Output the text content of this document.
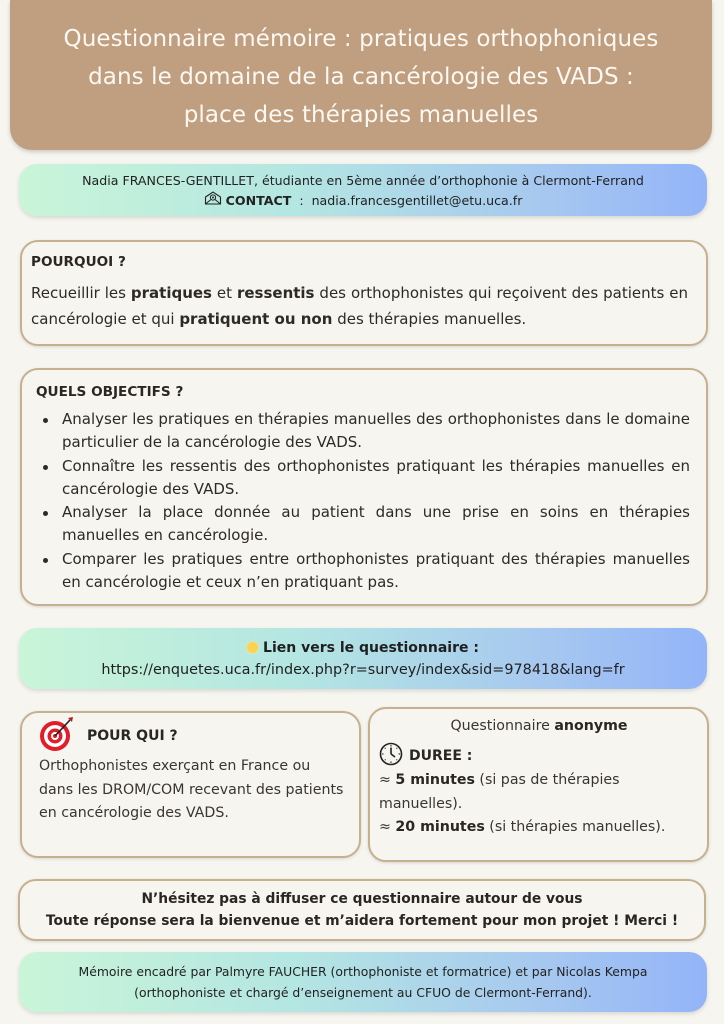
Questionnaire mémoire : pratiques orthophoniques
dans le domaine de la cancérologie des VADS :
place des thérapies manuelles
Nadia FRANCES-GENTILLET, étudiante en 5ème année d’orthophonie à Clermont-Ferrand
CONTACT : nadia.francesgentillet@etu.uca.fr
POURQUOI ?
Recueillir les pratiques et ressentis des orthophonistes qui reçoivent des patients en cancérologie et qui pratiquent ou non des thérapies manuelles.
QUELS OBJECTIFS ?
Analyser les pratiques en thérapies manuelles des orthophonistes dans le domaine particulier de la cancérologie des VADS.
Connaître les ressentis des orthophonistes pratiquant les thérapies manuelles en cancérologie des VADS.
Analyser la place donnée au patient dans une prise en soins en thérapies manuelles en cancérologie.
Comparer les pratiques entre orthophonistes pratiquant des thérapies manuelles en cancérologie et ceux n’en pratiquant pas.
Lien vers le questionnaire :
https://enquetes.uca.fr/index.php?r=survey/index&sid=978418&lang=fr
POUR QUI ?
Orthophonistes exerçant en France ou dans les DROM/COM recevant des patients en cancérologie des VADS.
Questionnaire anonyme
DUREE :
≈ 5 minutes (si pas de thérapies manuelles).
≈ 20 minutes (si thérapies manuelles).
N’hésitez pas à diffuser ce questionnaire autour de vous
Toute réponse sera la bienvenue et m’aidera fortement pour mon projet ! Merci !
Mémoire encadré par Palmyre FAUCHER (orthophoniste et formatrice) et par Nicolas Kempa
(orthophoniste et chargé d’enseignement au CFUO de Clermont-Ferrand).
